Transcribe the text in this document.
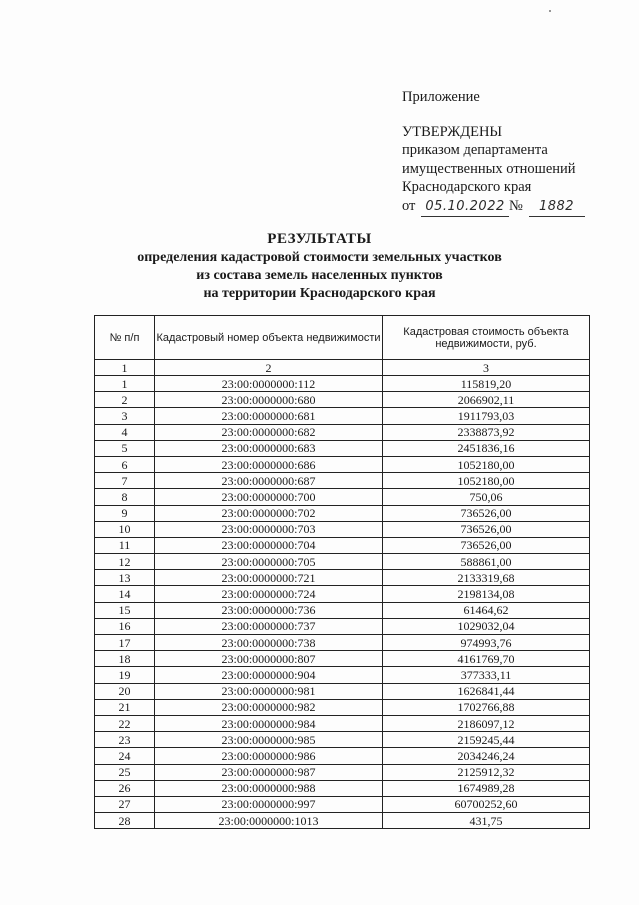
Приложение
УТВЕРЖДЕНЫ
приказом департамента
имущественных отношений
Краснодарского края
от 05.10.2022 № 1882
РЕЗУЛЬТАТЫ
определения кадастровой стоимости земельных участков
из состава земель населенных пунктов
на территории Краснодарского края
№ п/п	Кадастровый номер объекта недвижимости	Кадастровая стоимость объекта недвижимости, руб.
1	2	3
1	23:00:0000000:112	115819,20
2	23:00:0000000:680	2066902,11
3	23:00:0000000:681	1911793,03
4	23:00:0000000:682	2338873,92
5	23:00:0000000:683	2451836,16
6	23:00:0000000:686	1052180,00
7	23:00:0000000:687	1052180,00
8	23:00:0000000:700	750,06
9	23:00:0000000:702	736526,00
10	23:00:0000000:703	736526,00
11	23:00:0000000:704	736526,00
12	23:00:0000000:705	588861,00
13	23:00:0000000:721	2133319,68
14	23:00:0000000:724	2198134,08
15	23:00:0000000:736	61464,62
16	23:00:0000000:737	1029032,04
17	23:00:0000000:738	974993,76
18	23:00:0000000:807	4161769,70
19	23:00:0000000:904	377333,11
20	23:00:0000000:981	1626841,44
21	23:00:0000000:982	1702766,88
22	23:00:0000000:984	2186097,12
23	23:00:0000000:985	2159245,44
24	23:00:0000000:986	2034246,24
25	23:00:0000000:987	2125912,32
26	23:00:0000000:988	1674989,28
27	23:00:0000000:997	60700252,60
28	23:00:0000000:1013	431,75
